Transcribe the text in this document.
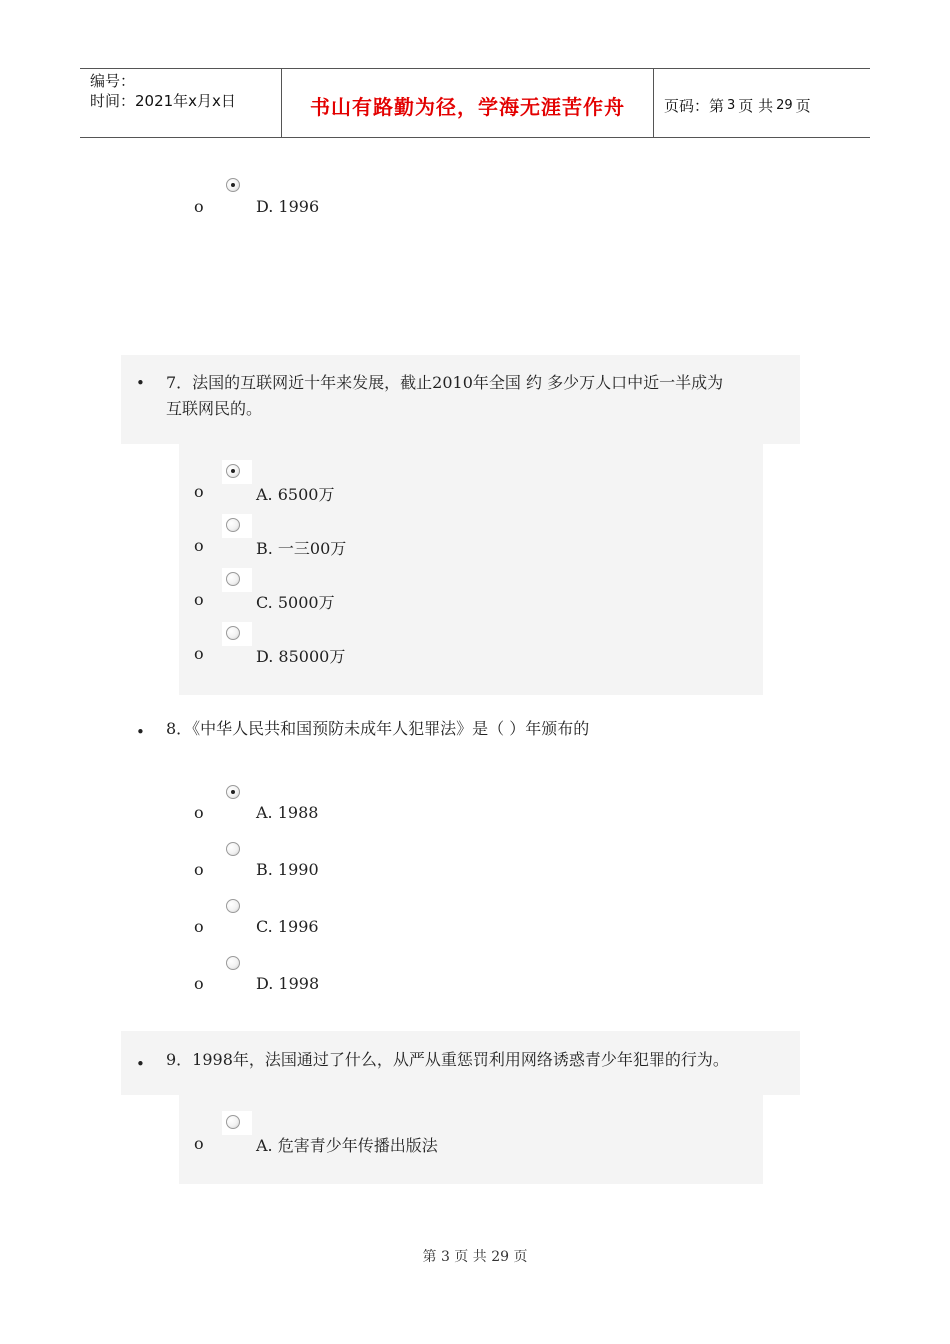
编号：
时间：2021年x月x日	书山有路勤为径，学海无涯苦作舟	页码：第 3 页 共 29 页
o	D. 1996
• 7．法国的互联网近十年来发展，截止2010年全国 约 多少万人口中近一半成为
互联网民的。
o	A. 6500万
o	B. 一三00万
o	C. 5000万
o	D. 85000万
• 8．《中华人民共和国预防未成年人犯罪法》是（ ）年颁布的
o	A. 1988
o	B. 1990
o	C. 1996
o	D. 1998
• 9．1998年，法国通过了什么，从严从重惩罚利用网络诱惑青少年犯罪的行为。
o	A. 危害青少年传播出版法
第 3 页 共 29 页
